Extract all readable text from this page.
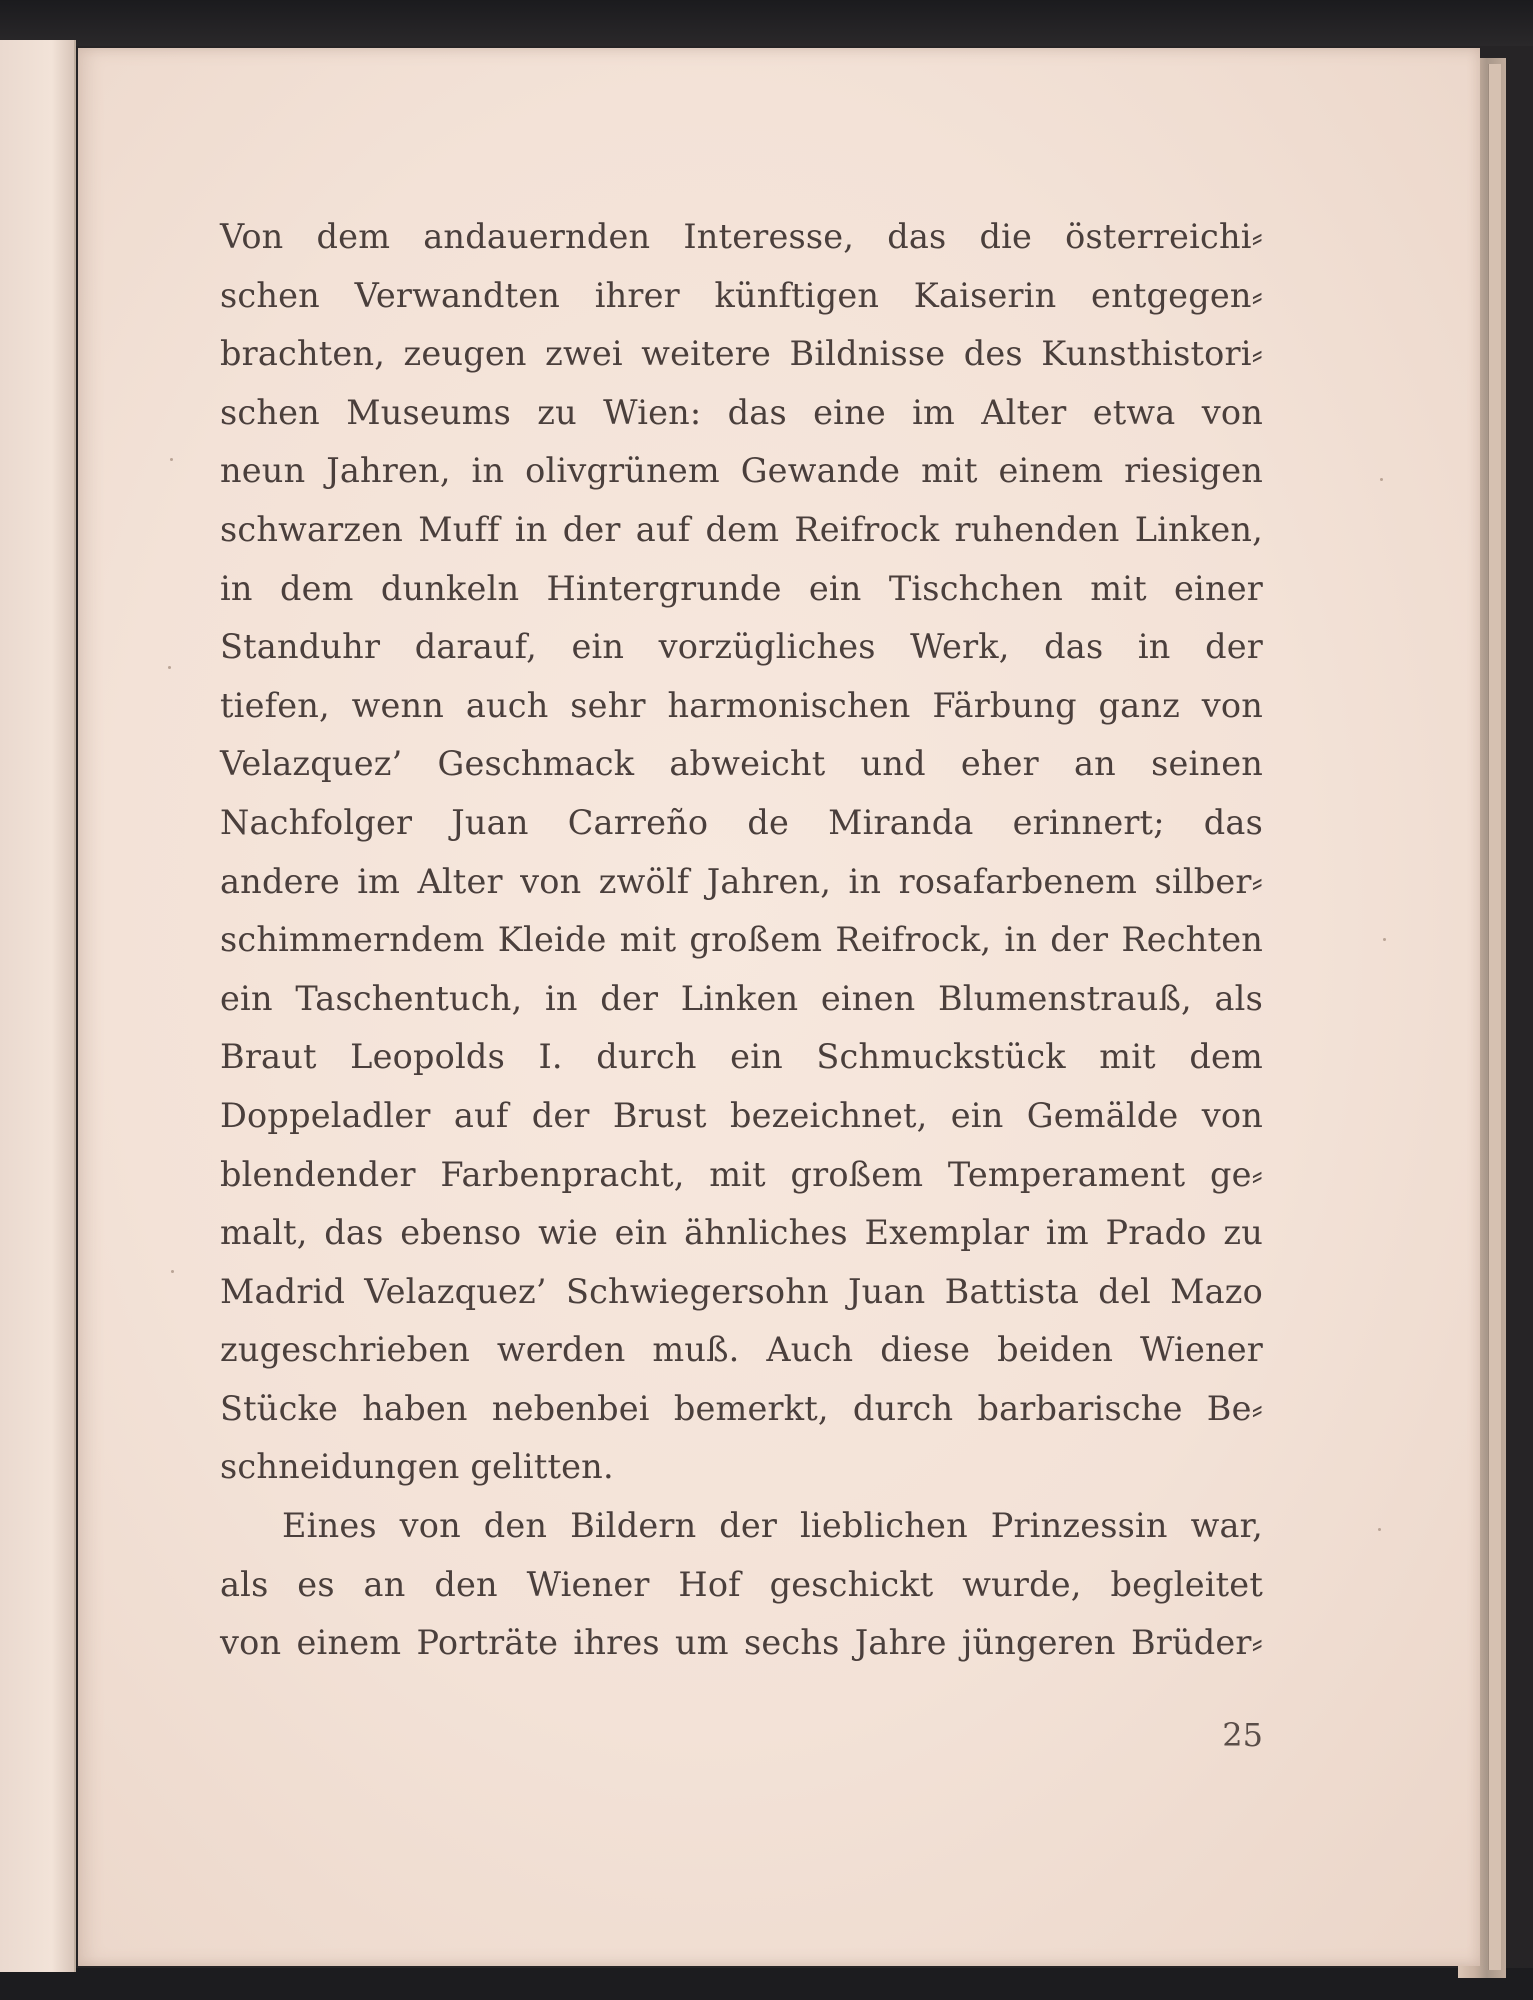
Von dem andauernden Interesse, das die österreichi⸗
schen Verwandten ihrer künftigen Kaiserin entgegen⸗
brachten, zeugen zwei weitere Bildnisse des Kunsthistori⸗
schen Museums zu Wien: das eine im Alter etwa von
neun Jahren, in olivgrünem Gewande mit einem riesigen
schwarzen Muff in der auf dem Reifrock ruhenden Linken,
in dem dunkeln Hintergrunde ein Tischchen mit einer
Standuhr darauf, ein vorzügliches Werk, das in der
tiefen, wenn auch sehr harmonischen Färbung ganz von
Velazquez’ Geschmack abweicht und eher an seinen
Nachfolger Juan Carreño de Miranda erinnert; das
andere im Alter von zwölf Jahren, in rosafarbenem silber⸗
schimmerndem Kleide mit großem Reifrock, in der Rechten
ein Taschentuch, in der Linken einen Blumenstrauß, als
Braut Leopolds I. durch ein Schmuckstück mit dem
Doppeladler auf der Brust bezeichnet, ein Gemälde von
blendender Farbenpracht, mit großem Temperament ge⸗
malt, das ebenso wie ein ähnliches Exemplar im Prado zu
Madrid Velazquez’ Schwiegersohn Juan Battista del Mazo
zugeschrieben werden muß. Auch diese beiden Wiener
Stücke haben nebenbei bemerkt, durch barbarische Be⸗
schneidungen gelitten.
Eines von den Bildern der lieblichen Prinzessin war,
als es an den Wiener Hof geschickt wurde, begleitet
von einem Porträte ihres um sechs Jahre jüngeren Brüder⸗
25
